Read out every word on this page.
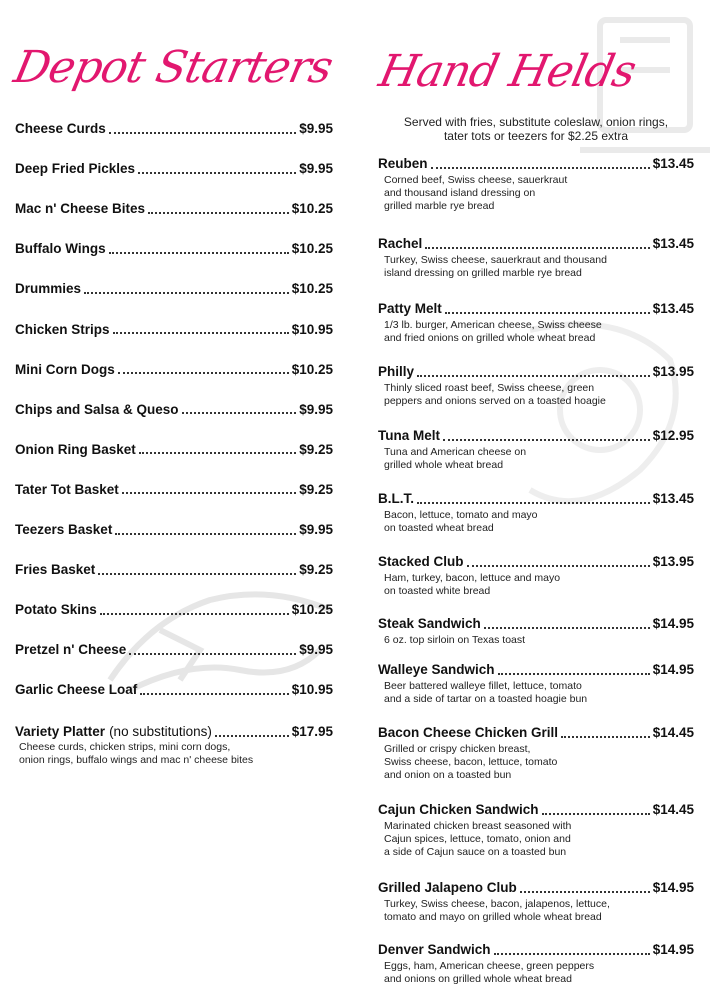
Depot Starters
Cheese Curds	$9.95
Deep Fried Pickles	$9.95
Mac n' Cheese Bites	$10.25
Buffalo Wings	$10.25
Drummies	$10.25
Chicken Strips	$10.95
Mini Corn Dogs	$10.25
Chips and Salsa & Queso	$9.95
Onion Ring Basket	$9.25
Tater Tot Basket	$9.25
Teezers Basket	$9.95
Fries Basket	$9.25
Potato Skins	$10.25
Pretzel n' Cheese	$9.95
Garlic Cheese Loaf	$10.95
Variety Platter (no substitutions)	$17.95
Cheese curds, chicken strips, mini corn dogs,
onion rings, buffalo wings and mac n' cheese bites
Hand Helds
Served with fries, substitute coleslaw, onion rings,
tater tots or teezers for $2.25 extra
Reuben	$13.45
Corned beef, Swiss cheese, sauerkraut
and thousand island dressing on
grilled marble rye bread
Rachel	$13.45
Turkey, Swiss cheese, sauerkraut and thousand
island dressing on grilled marble rye bread
Patty Melt	$13.45
1/3 lb. burger, American cheese, Swiss cheese
and fried onions on grilled whole wheat bread
Philly	$13.95
Thinly sliced roast beef, Swiss cheese, green
peppers and onions served on a toasted hoagie
Tuna Melt	$12.95
Tuna and American cheese on
grilled whole wheat bread
B.L.T.	$13.45
Bacon, lettuce, tomato and mayo
on toasted wheat bread
Stacked Club	$13.95
Ham, turkey, bacon, lettuce and mayo
on toasted white bread
Steak Sandwich	$14.95
6 oz. top sirloin on Texas toast
Walleye Sandwich	$14.95
Beer battered walleye fillet, lettuce, tomato
and a side of tartar on a toasted hoagie bun
Bacon Cheese Chicken Grill	$14.45
Grilled or crispy chicken breast,
Swiss cheese, bacon, lettuce, tomato
and onion on a toasted bun
Cajun Chicken Sandwich	$14.45
Marinated chicken breast seasoned with
Cajun spices, lettuce, tomato, onion and
a side of Cajun sauce on a toasted bun
Grilled Jalapeno Club	$14.95
Turkey, Swiss cheese, bacon, jalapenos, lettuce,
tomato and mayo on grilled whole wheat bread
Denver Sandwich	$14.95
Eggs, ham, American cheese, green peppers
and onions on grilled whole wheat bread
